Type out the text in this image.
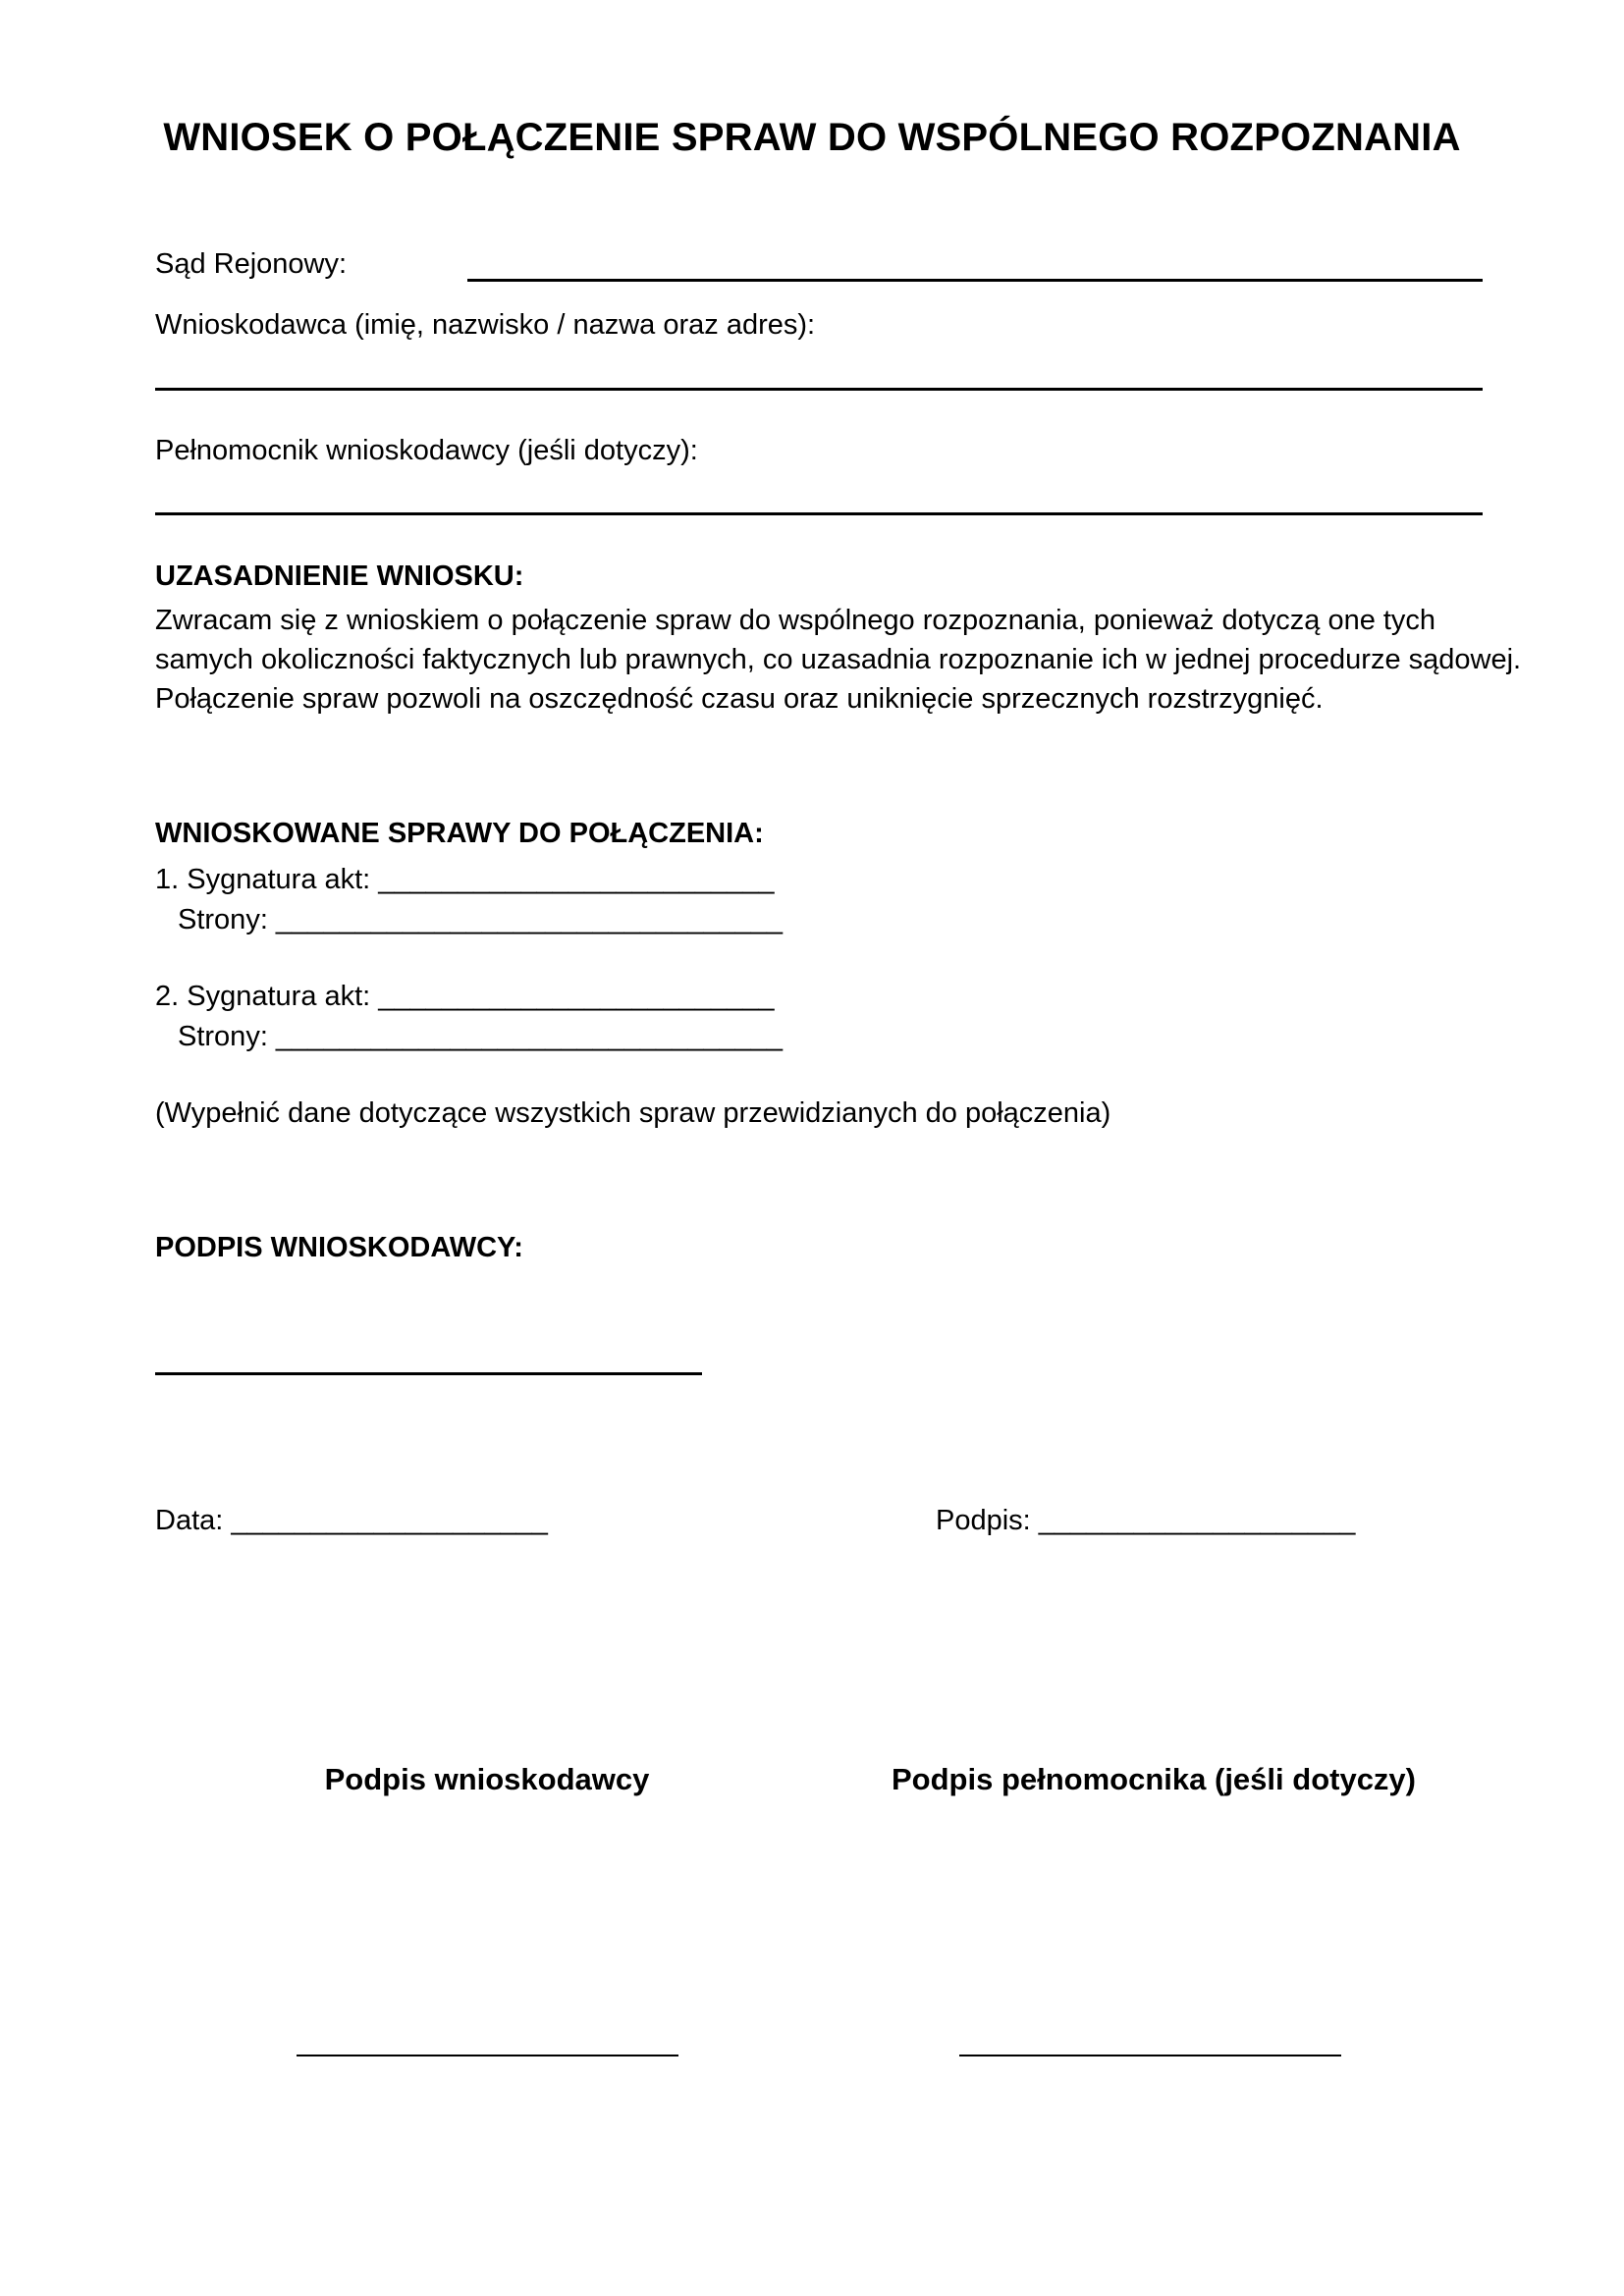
WNIOSEK O POŁĄCZENIE SPRAW DO WSPÓLNEGO ROZPOZNANIA
Sąd Rejonowy:
Wnioskodawca (imię, nazwisko / nazwa oraz adres):
Pełnomocnik wnioskodawcy (jeśli dotyczy):
UZASADNIENIE WNIOSKU:
Zwracam się z wnioskiem o połączenie spraw do wspólnego rozpoznania, ponieważ dotyczą one tych
samych okoliczności faktycznych lub prawnych, co uzasadnia rozpoznanie ich w jednej procedurze sądowej.
Połączenie spraw pozwoli na oszczędność czasu oraz uniknięcie sprzecznych rozstrzygnięć.
WNIOSKOWANE SPRAWY DO POŁĄCZENIA:
1. Sygnatura akt: _________________________
Strony: ________________________________
2. Sygnatura akt: _________________________
Strony: ________________________________
(Wypełnić dane dotyczące wszystkich spraw przewidzianych do połączenia)
PODPIS WNIOSKODAWCY:
Data: ____________________	Podpis: ____________________
Podpis wnioskodawcy	Podpis pełnomocnika (jeśli dotyczy)
